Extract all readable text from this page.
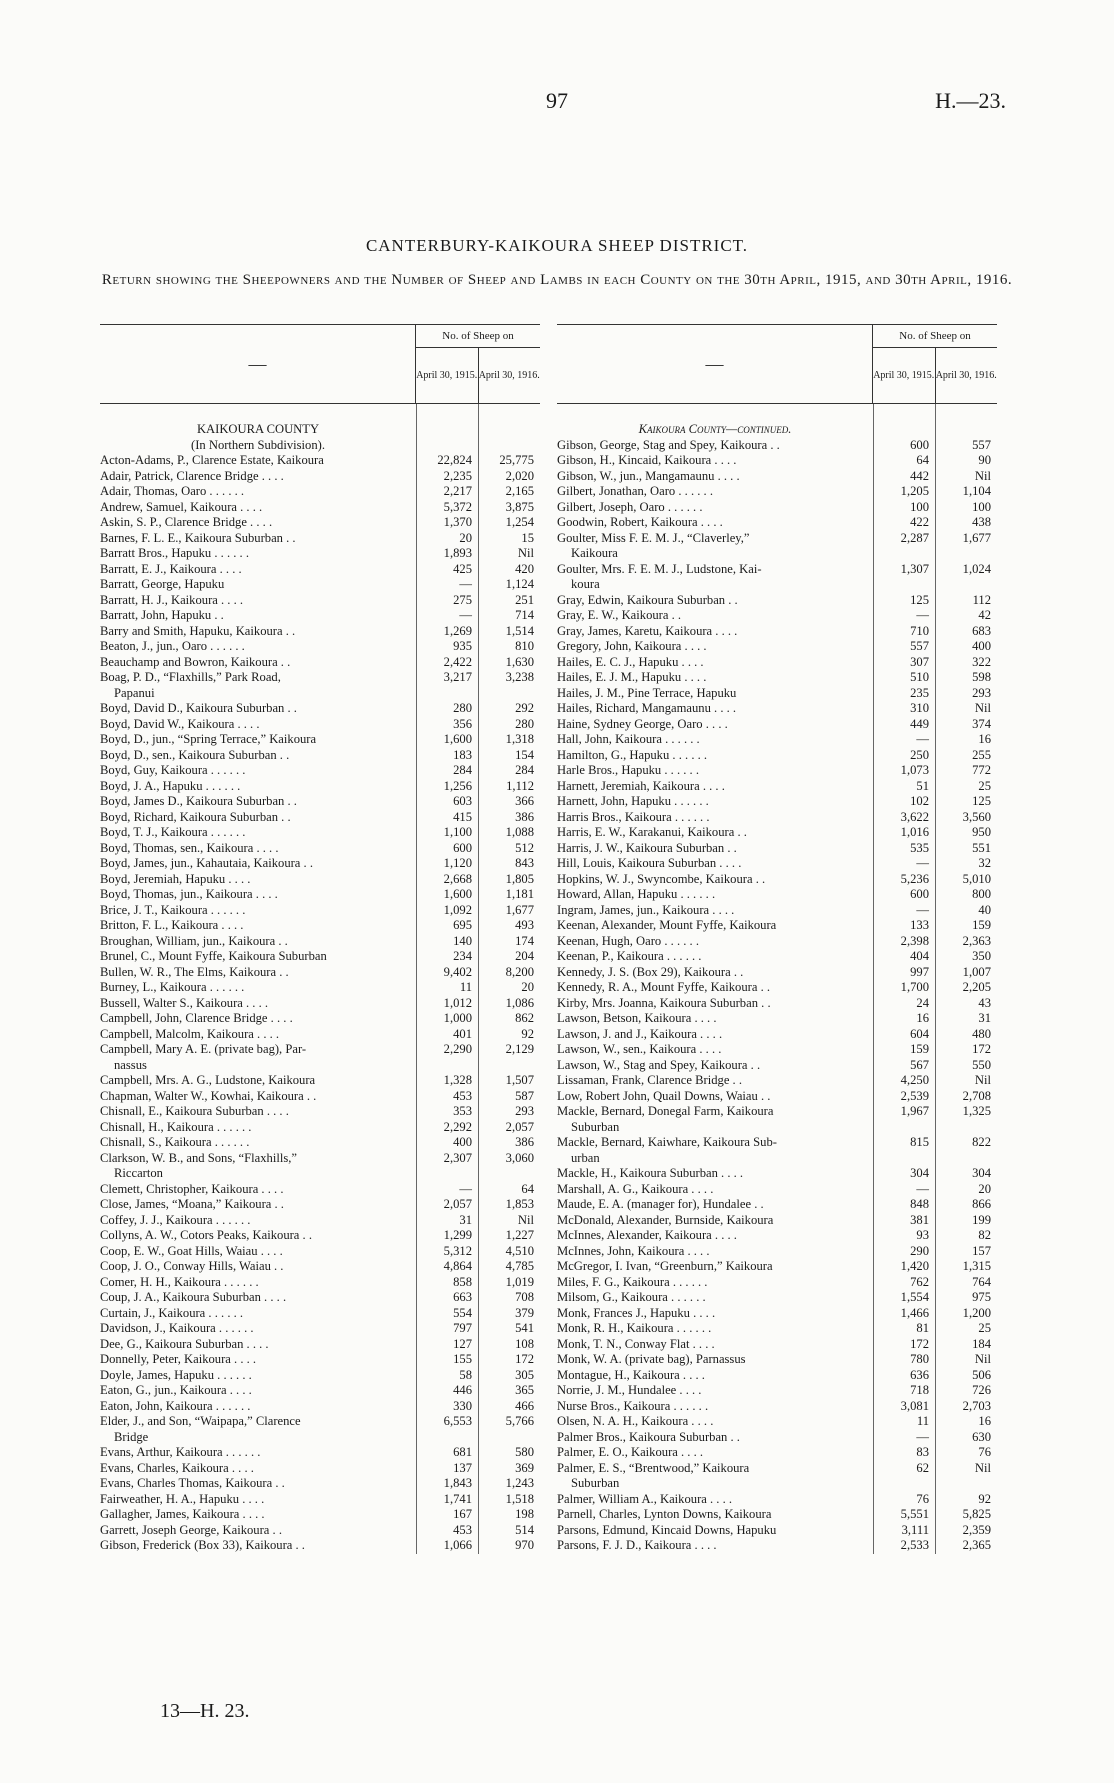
97	H.—23.
CANTERBURY-KAIKOURA SHEEP DISTRICT.
Return showing the Sheepowners and the Number of Sheep and Lambs in each County on the 30th April, 1915, and 30th April, 1916.
—
No. of Sheep on
April 30, 1915. April 30, 1916.
KAIKOURA COUNTY
(In Northern Subdivision).
Acton-Adams, P., Clarence Estate, Kaikoura	22,824	25,775
Adair, Patrick, Clarence Bridge . . . .	2,235	2,020
Adair, Thomas, Oaro . . . . . .	2,217	2,165
Andrew, Samuel, Kaikoura . . . .	5,372	3,875
Askin, S. P., Clarence Bridge . . . .	1,370	1,254
Barnes, F. L. E., Kaikoura Suburban . .	20	15
Barratt Bros., Hapuku . . . . . .	1,893	Nil
Barratt, E. J., Kaikoura . . . .	425	420
Barratt, George, Hapuku	—	1,124
Barratt, H. J., Kaikoura . . . .	275	251
Barratt, John, Hapuku . .	—	714
Barry and Smith, Hapuku, Kaikoura . .	1,269	1,514
Beaton, J., jun., Oaro . . . . . .	935	810
Beauchamp and Bowron, Kaikoura . .	2,422	1,630
Boag, P. D., “Flaxhills,” Park Road,	3,217	3,238
Papanui
Boyd, David D., Kaikoura Suburban . .	280	292
Boyd, David W., Kaikoura . . . .	356	280
Boyd, D., jun., “Spring Terrace,” Kaikoura	1,600	1,318
Boyd, D., sen., Kaikoura Suburban . .	183	154
Boyd, Guy, Kaikoura . . . . . .	284	284
Boyd, J. A., Hapuku . . . . . .	1,256	1,112
Boyd, James D., Kaikoura Suburban . .	603	366
Boyd, Richard, Kaikoura Suburban . .	415	386
Boyd, T. J., Kaikoura . . . . . .	1,100	1,088
Boyd, Thomas, sen., Kaikoura . . . .	600	512
Boyd, James, jun., Kahautaia, Kaikoura . .	1,120	843
Boyd, Jeremiah, Hapuku . . . .	2,668	1,805
Boyd, Thomas, jun., Kaikoura . . . .	1,600	1,181
Brice, J. T., Kaikoura . . . . . .	1,092	1,677
Britton, F. L., Kaikoura . . . .	695	493
Broughan, William, jun., Kaikoura . .	140	174
Brunel, C., Mount Fyffe, Kaikoura Suburban	234	204
Bullen, W. R., The Elms, Kaikoura . .	9,402	8,200
Burney, L., Kaikoura . . . . . .	11	20
Bussell, Walter S., Kaikoura . . . .	1,012	1,086
Campbell, John, Clarence Bridge . . . .	1,000	862
Campbell, Malcolm, Kaikoura . . . .	401	92
Campbell, Mary A. E. (private bag), Par-	2,290	2,129
nassus
Campbell, Mrs. A. G., Ludstone, Kaikoura	1,328	1,507
Chapman, Walter W., Kowhai, Kaikoura . .	453	587
Chisnall, E., Kaikoura Suburban . . . .	353	293
Chisnall, H., Kaikoura . . . . . .	2,292	2,057
Chisnall, S., Kaikoura . . . . . .	400	386
Clarkson, W. B., and Sons, “Flaxhills,”	2,307	3,060
Riccarton
Clemett, Christopher, Kaikoura . . . .	—	64
Close, James, “Moana,” Kaikoura . .	2,057	1,853
Coffey, J. J., Kaikoura . . . . . .	31	Nil
Collyns, A. W., Cotors Peaks, Kaikoura . .	1,299	1,227
Coop, E. W., Goat Hills, Waiau . . . .	5,312	4,510
Coop, J. O., Conway Hills, Waiau . .	4,864	4,785
Comer, H. H., Kaikoura . . . . . .	858	1,019
Coup, J. A., Kaikoura Suburban . . . .	663	708
Curtain, J., Kaikoura . . . . . .	554	379
Davidson, J., Kaikoura . . . . . .	797	541
Dee, G., Kaikoura Suburban . . . .	127	108
Donnelly, Peter, Kaikoura . . . .	155	172
Doyle, James, Hapuku . . . . . .	58	305
Eaton, G., jun., Kaikoura . . . .	446	365
Eaton, John, Kaikoura . . . . . .	330	466
Elder, J., and Son, “Waipapa,” Clarence	6,553	5,766
Bridge
Evans, Arthur, Kaikoura . . . . . .	681	580
Evans, Charles, Kaikoura . . . .	137	369
Evans, Charles Thomas, Kaikoura . .	1,843	1,243
Fairweather, H. A., Hapuku . . . .	1,741	1,518
Gallagher, James, Kaikoura . . . .	167	198
Garrett, Joseph George, Kaikoura . .	453	514
Gibson, Frederick (Box 33), Kaikoura . .	1,066	970
—
No. of Sheep on
April 30, 1915. April 30, 1916.
Kaikoura County—continued.
Gibson, George, Stag and Spey, Kaikoura . .	600	557
Gibson, H., Kincaid, Kaikoura . . . .	64	90
Gibson, W., jun., Mangamaunu . . . .	442	Nil
Gilbert, Jonathan, Oaro . . . . . .	1,205	1,104
Gilbert, Joseph, Oaro . . . . . .	100	100
Goodwin, Robert, Kaikoura . . . .	422	438
Goulter, Miss F. E. M. J., “Claverley,”	2,287	1,677
Kaikoura
Goulter, Mrs. F. E. M. J., Ludstone, Kai-	1,307	1,024
koura
Gray, Edwin, Kaikoura Suburban . .	125	112
Gray, E. W., Kaikoura . .	—	42
Gray, James, Karetu, Kaikoura . . . .	710	683
Gregory, John, Kaikoura . . . .	557	400
Hailes, E. C. J., Hapuku . . . .	307	322
Hailes, E. J. M., Hapuku . . . .	510	598
Hailes, J. M., Pine Terrace, Hapuku	235	293
Hailes, Richard, Mangamaunu . . . .	310	Nil
Haine, Sydney George, Oaro . . . .	449	374
Hall, John, Kaikoura . . . . . .	—	16
Hamilton, G., Hapuku . . . . . .	250	255
Harle Bros., Hapuku . . . . . .	1,073	772
Harnett, Jeremiah, Kaikoura . . . .	51	25
Harnett, John, Hapuku . . . . . .	102	125
Harris Bros., Kaikoura . . . . . .	3,622	3,560
Harris, E. W., Karakanui, Kaikoura . .	1,016	950
Harris, J. W., Kaikoura Suburban . .	535	551
Hill, Louis, Kaikoura Suburban . . . .	—	32
Hopkins, W. J., Swyncombe, Kaikoura . .	5,236	5,010
Howard, Allan, Hapuku . . . . . .	600	800
Ingram, James, jun., Kaikoura . . . .	—	40
Keenan, Alexander, Mount Fyffe, Kaikoura	133	159
Keenan, Hugh, Oaro . . . . . .	2,398	2,363
Keenan, P., Kaikoura . . . . . .	404	350
Kennedy, J. S. (Box 29), Kaikoura . .	997	1,007
Kennedy, R. A., Mount Fyffe, Kaikoura . .	1,700	2,205
Kirby, Mrs. Joanna, Kaikoura Suburban . .	24	43
Lawson, Betson, Kaikoura . . . .	16	31
Lawson, J. and J., Kaikoura . . . .	604	480
Lawson, W., sen., Kaikoura . . . .	159	172
Lawson, W., Stag and Spey, Kaikoura . .	567	550
Lissaman, Frank, Clarence Bridge . .	4,250	Nil
Low, Robert John, Quail Downs, Waiau . .	2,539	2,708
Mackle, Bernard, Donegal Farm, Kaikoura	1,967	1,325
Suburban
Mackle, Bernard, Kaiwhare, Kaikoura Sub-	815	822
urban
Mackle, H., Kaikoura Suburban . . . .	304	304
Marshall, A. G., Kaikoura . . . .	—	20
Maude, E. A. (manager for), Hundalee . .	848	866
McDonald, Alexander, Burnside, Kaikoura	381	199
McInnes, Alexander, Kaikoura . . . .	93	82
McInnes, John, Kaikoura . . . .	290	157
McGregor, I. Ivan, “Greenburn,” Kaikoura	1,420	1,315
Miles, F. G., Kaikoura . . . . . .	762	764
Milsom, G., Kaikoura . . . . . .	1,554	975
Monk, Frances J., Hapuku . . . .	1,466	1,200
Monk, R. H., Kaikoura . . . . . .	81	25
Monk, T. N., Conway Flat . . . .	172	184
Monk, W. A. (private bag), Parnassus	780	Nil
Montague, H., Kaikoura . . . .	636	506
Norrie, J. M., Hundalee . . . .	718	726
Nurse Bros., Kaikoura . . . . . .	3,081	2,703
Olsen, N. A. H., Kaikoura . . . .	11	16
Palmer Bros., Kaikoura Suburban . .	—	630
Palmer, E. O., Kaikoura . . . .	83	76
Palmer, E. S., “Brentwood,” Kaikoura	62	Nil
Suburban
Palmer, William A., Kaikoura . . . .	76	92
Parnell, Charles, Lynton Downs, Kaikoura	5,551	5,825
Parsons, Edmund, Kincaid Downs, Hapuku	3,111	2,359
Parsons, F. J. D., Kaikoura . . . .	2,533	2,365
13—H. 23.
